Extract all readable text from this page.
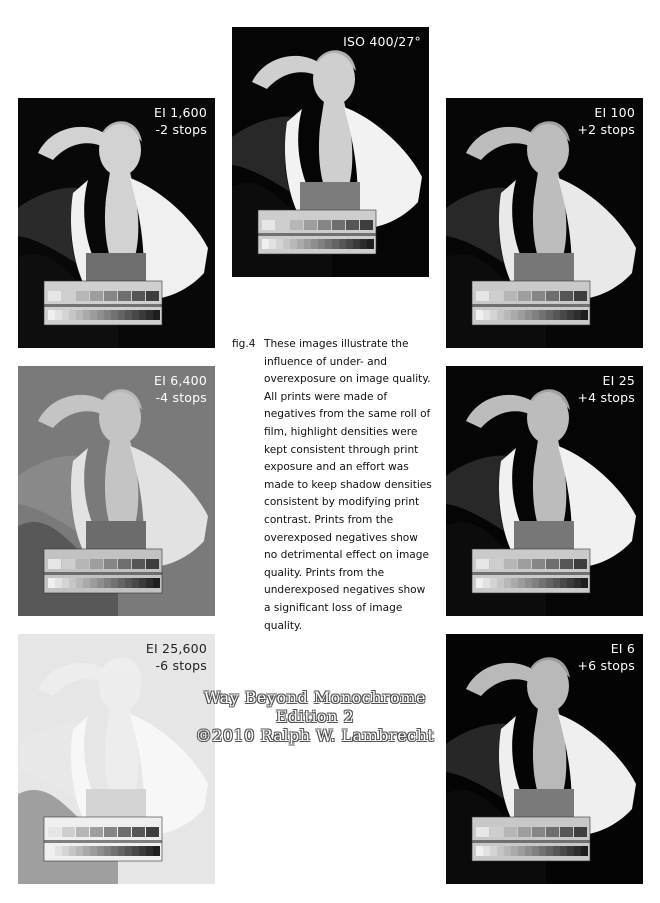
ISO 400/27°
EI 1,600
-2 stops
EI 100
+2 stops
EI 6,400
-4 stops
EI 25
+4 stops
EI 25,600
-6 stops
EI 6
+6 stops
fig.4 These images illustrate the influence of under- and overexposure on image quality. All prints were made of negatives from the same roll of film, highlight densities were kept consistent through print exposure and an effort was made to keep shadow densities consistent by modifying print contrast. Prints from the overexposed negatives show no detrimental effect on image quality. Prints from the underexposed negatives show a significant loss of image quality.
Way Beyond Monochrome
Edition 2
©2010 Ralph W. Lambrecht
